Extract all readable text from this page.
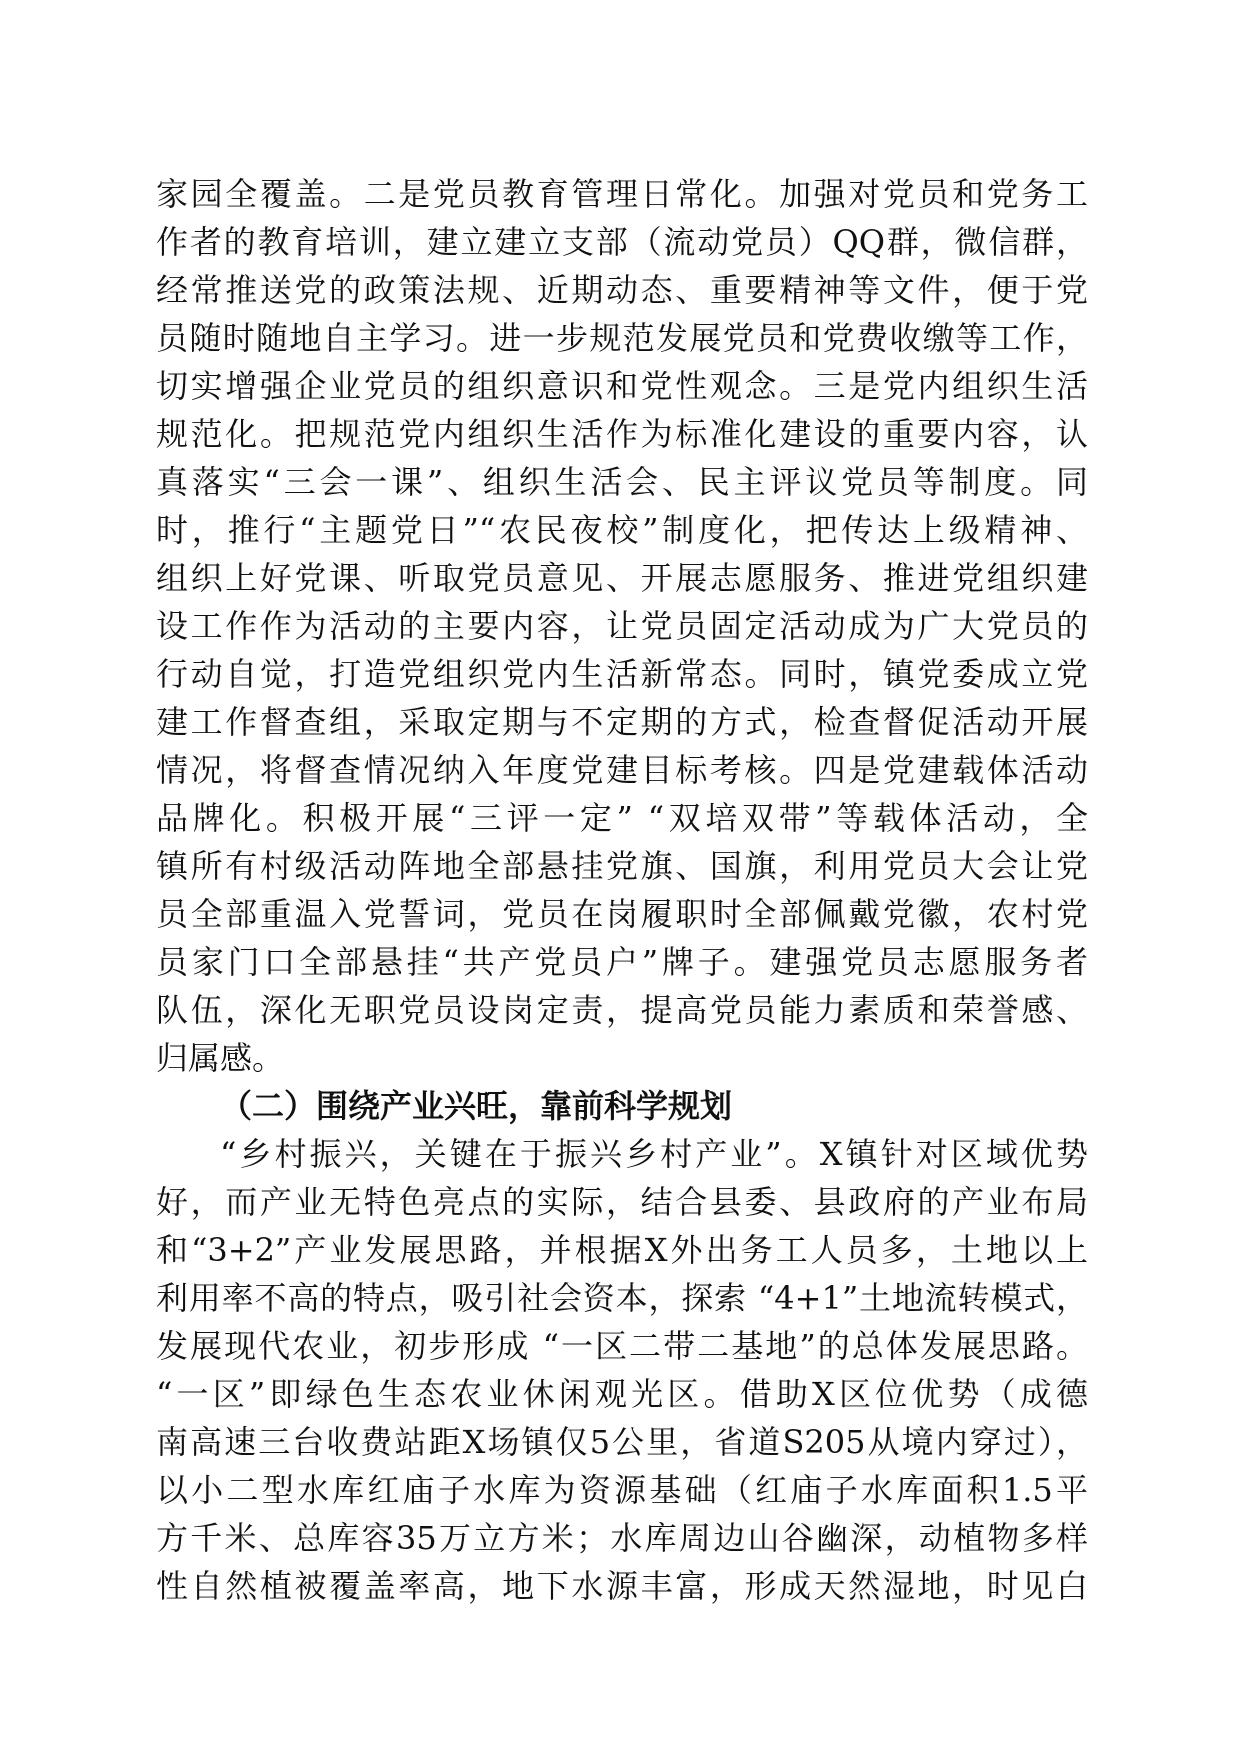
家园全覆盖。二是党员教育管理日常化。加强对党员和党务工
作者的教育培训，建立建立支部（流动党员）QQ群，微信群，
经常推送党的政策法规、近期动态、重要精神等文件，便于党
员随时随地自主学习。进一步规范发展党员和党费收缴等工作，
切实增强企业党员的组织意识和党性观念。三是党内组织生活
规范化。把规范党内组织生活作为标准化建设的重要内容，认
真落实“三会一课”、组织生活会、民主评议党员等制度。同
时，推行“主题党日”“农民夜校”制度化，把传达上级精神、
组织上好党课、听取党员意见、开展志愿服务、推进党组织建
设工作作为活动的主要内容，让党员固定活动成为广大党员的
行动自觉，打造党组织党内生活新常态。同时，镇党委成立党
建工作督查组，采取定期与不定期的方式，检查督促活动开展
情况，将督查情况纳入年度党建目标考核。四是党建载体活动
品牌化。积极开展“三评一定” “双培双带”等载体活动，全
镇所有村级活动阵地全部悬挂党旗、国旗，利用党员大会让党
员全部重温入党誓词，党员在岗履职时全部佩戴党徽，农村党
员家门口全部悬挂“共产党员户”牌子。建强党员志愿服务者
队伍，深化无职党员设岗定责，提高党员能力素质和荣誉感、
归属感。
（二）围绕产业兴旺，靠前科学规划
“乡村振兴，关键在于振兴乡村产业”。X镇针对区域优势
好，而产业无特色亮点的实际，结合县委、县政府的产业布局
和“3+2”产业发展思路，并根据X外出务工人员多，土地以上
利用率不高的特点，吸引社会资本，探索 “4+1”土地流转模式，
发展现代农业，初步形成 “一区二带二基地”的总体发展思路。
“一区”即绿色生态农业休闲观光区。借助X区位优势（成德
南高速三台收费站距X场镇仅5公里，省道S205从境内穿过），
以小二型水库红庙子水库为资源基础（红庙子水库面积1.5平
方千米、总库容35万立方米；水库周边山谷幽深，动植物多样
性自然植被覆盖率高，地下水源丰富，形成天然湿地，时见白
